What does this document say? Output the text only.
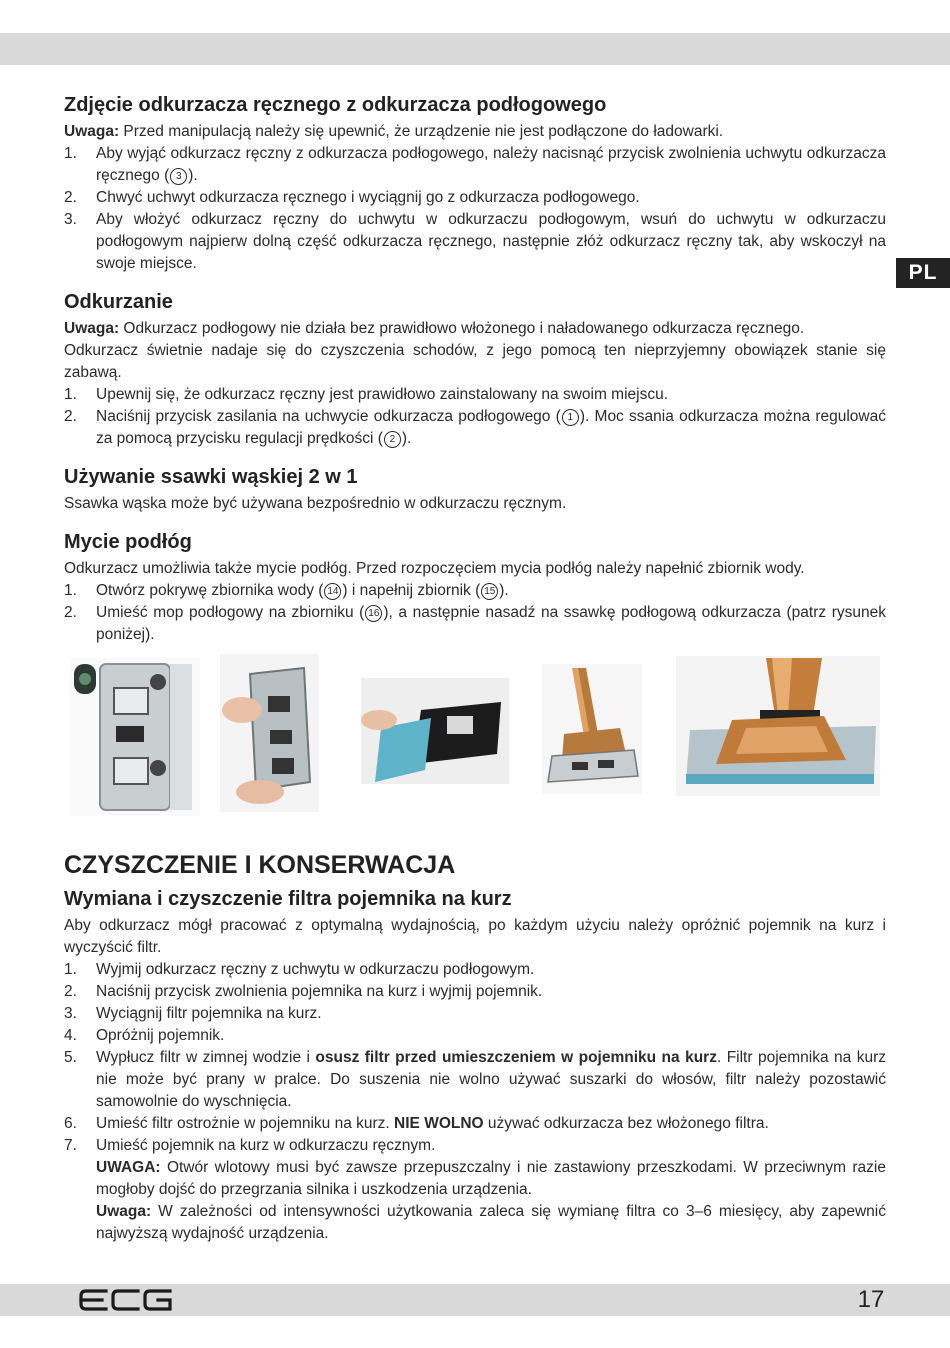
PL
Zdjęcie odkurzacza ręcznego z odkurzacza podłogowego

Uwaga: Przed manipulacją należy się upewnić, że urządzenie nie jest podłączone do ładowarki.

1.	Aby wyjąć odkurzacz ręczny z odkurzacza podłogowego, należy nacisnąć przycisk zwolnienia uchwytu odkurzacza ręcznego ( 3 ).
2.	Chwyć uchwyt odkurzacza ręcznego i wyciągnij go z odkurzacza podłogowego.
3.	Aby włożyć odkurzacz ręczny do uchwytu w odkurzaczu podłogowym, wsuń do uchwytu w odkurzaczu podłogowym najpierw dolną część odkurzacza ręcznego, następnie złóż odkurzacz ręczny tak, aby wskoczył na swoje miejsce.
Odkurzanie

Uwaga: Odkurzacz podłogowy nie działa bez prawidłowo włożonego i naładowanego odkurzacza ręcznego.

Odkurzacz świetnie nadaje się do czyszczenia schodów, z jego pomocą ten nieprzyjemny obowiązek stanie się zabawą.

1.	Upewnij się, że odkurzacz ręczny jest prawidłowo zainstalowany na swoim miejscu.
2.	Naciśnij przycisk zasilania na uchwycie odkurzacza podłogowego ( 1 ). Moc ssania odkurzacza można regulować za pomocą przycisku regulacji prędkości ( 2 ).
Używanie ssawki wąskiej 2 w 1

Ssawka wąska może być używana bezpośrednio w odkurzaczu ręcznym.

Mycie podłóg

Odkurzacz umożliwia także mycie podłóg. Przed rozpoczęciem mycia podłóg należy napełnić zbiornik wody.

1.	Otwórz pokrywę zbiornika wody ( 14 ) i napełnij zbiornik ( 15 ).
2.	Umieść mop podłogowy na zbiorniku ( 16 ), a następnie nasadź na ssawkę podłogową odkurzacza (patrz rysunek poniżej).
CZYSZCZENIE I KONSERWACJA
Wymiana i czyszczenie filtra pojemnika na kurz

Aby odkurzacz mógł pracować z optymalną wydajnością, po każdym użyciu należy opróżnić pojemnik na kurz i wyczyścić filtr.

1.	Wyjmij odkurzacz ręczny z uchwytu w odkurzaczu podłogowym.
2.	Naciśnij przycisk zwolnienia pojemnika na kurz i wyjmij pojemnik.
3.	Wyciągnij filtr pojemnika na kurz.
4.	Opróżnij pojemnik.
5.	Wypłucz filtr w zimnej wodzie i osusz filtr przed umieszczeniem w pojemniku na kurz. Filtr pojemnika na kurz nie może być prany w pralce. Do suszenia nie wolno używać suszarki do włosów, filtr należy pozostawić samowolnie do wyschnięcia.
6.	Umieść filtr ostrożnie w pojemniku na kurz. NIE WOLNO używać odkurzacza bez włożonego filtra.
7.	Umieść pojemnik na kurz w odkurzaczu ręcznym.
UWAGA: Otwór wlotowy musi być zawsze przepuszczalny i nie zastawiony przeszkodami. W przeciwnym razie mogłoby dojść do przegrzania silnika i uszkodzenia urządzenia.
Uwaga: W zależności od intensywności użytkowania zaleca się wymianę filtra co 3–6 miesięcy, aby zapewnić najwyższą wydajność urządzenia.
17
